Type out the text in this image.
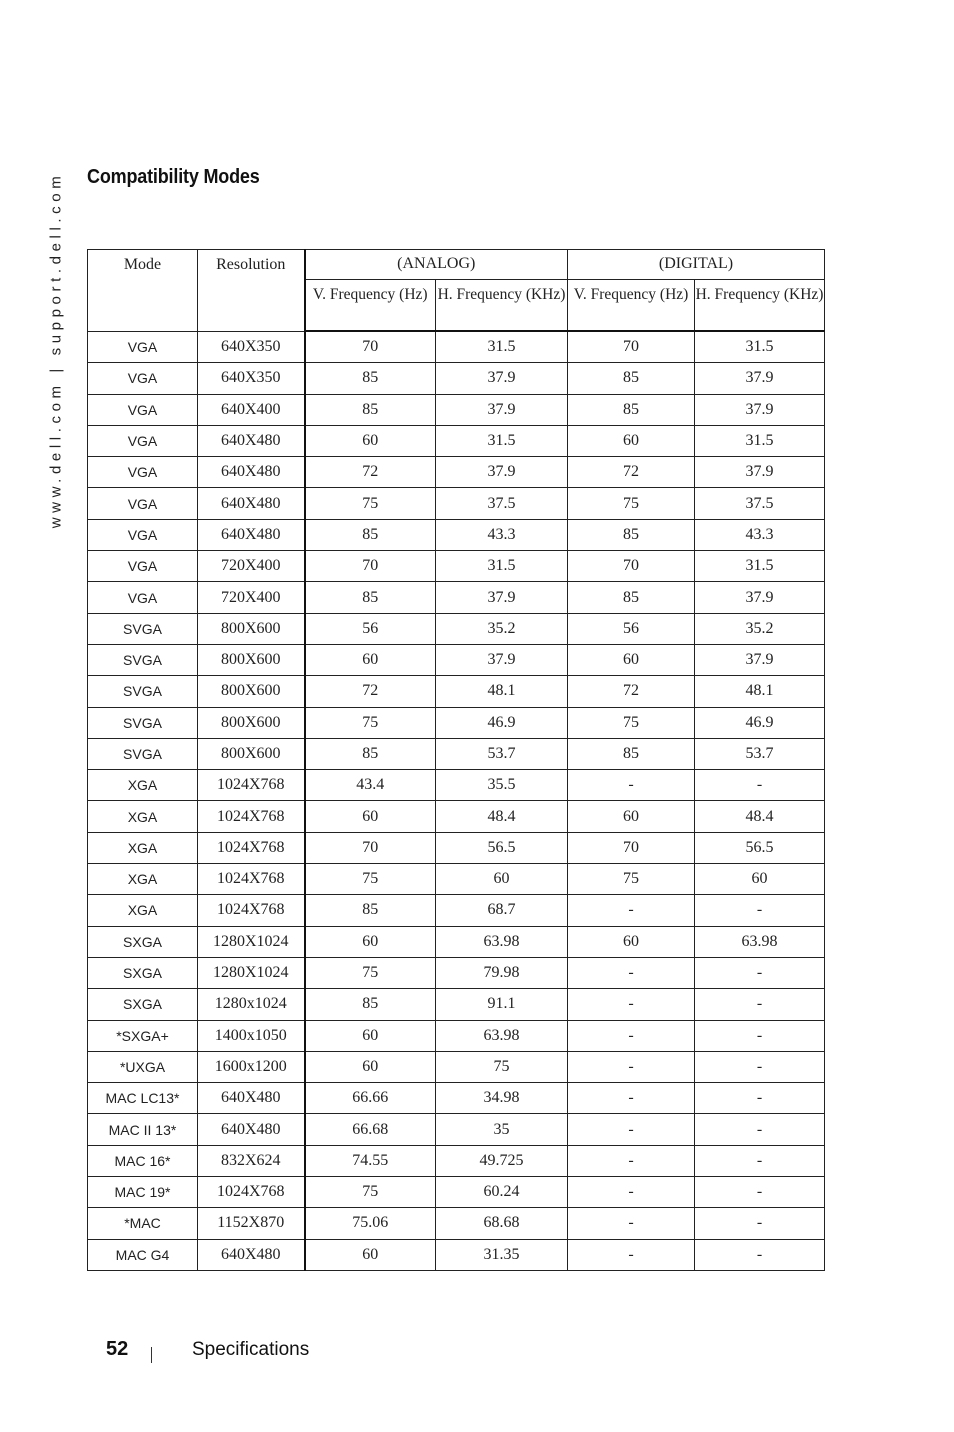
www.dell.com | support.dell.com Compatibility Modes
Mode	Resolution	(ANALOG)		(DIGITAL)	
		V. Frequency (Hz)	H. Frequency (KHz)	V. Frequency (Hz)	H. Frequency (KHz)
VGA	640X350	70	31.5	70	31.5
VGA	640X350	85	37.9	85	37.9
VGA	640X400	85	37.9	85	37.9
VGA	640X480	60	31.5	60	31.5
VGA	640X480	72	37.9	72	37.9
VGA	640X480	75	37.5	75	37.5
VGA	640X480	85	43.3	85	43.3
VGA	720X400	70	31.5	70	31.5
VGA	720X400	85	37.9	85	37.9
SVGA	800X600	56	35.2	56	35.2
SVGA	800X600	60	37.9	60	37.9
SVGA	800X600	72	48.1	72	48.1
SVGA	800X600	75	46.9	75	46.9
SVGA	800X600	85	53.7	85	53.7
XGA	1024X768	43.4	35.5	-	-
XGA	1024X768	60	48.4	60	48.4
XGA	1024X768	70	56.5	70	56.5
XGA	1024X768	75	60	75	60
XGA	1024X768	85	68.7	-	-
SXGA	1280X1024	60	63.98	60	63.98
SXGA	1280X1024	75	79.98	-	-
SXGA	1280x1024	85	91.1	-	-
*SXGA+	1400x1050	60	63.98	-	-
*UXGA	1600x1200	60	75	-	-
MAC LC13*	640X480	66.66	34.98	-	-
MAC II 13*	640X480	66.68	35	-	-
MAC 16*	832X624	74.55	49.725	-	-
MAC 19*	1024X768	75	60.24	-	-
*MAC	1152X870	75.06	68.68	-	-
MAC G4	640X480	60	31.35	-	-
52	Specifications
